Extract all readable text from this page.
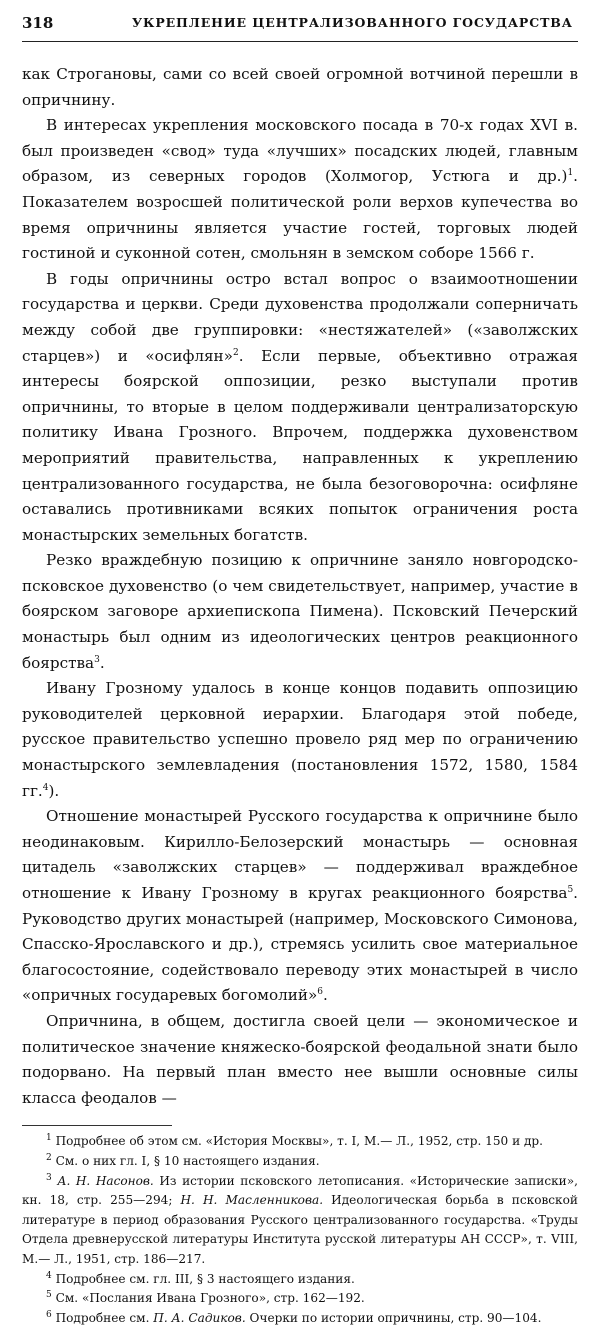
318	УКРЕПЛЕНИЕ ЦЕНТРАЛИЗОВАННОГО ГОСУДАРСТВА

как Строгановы, сами со всей своей огромной вотчиной перешли в опричнину.

В интересах укрепления московского посада в 70-х годах XVI в. был произведен «свод» туда «лучших» посадских людей, главным образом, из северных городов (Холмогор, Устюга и др.)$^1$. Показателем возросшей политической роли верхов купечества во время опричнины является участие гостей, торговых людей гостиной и суконной сотен, смольнян в земском соборе 1566 г.

В годы опричнины остро встал вопрос о взаимоотношении государства и церкви. Среди духовенства продолжали соперничать между собой две группировки: «нестяжателей» («заволжских старцев») и «осифлян»$^2$. Если первые, объективно отражая интересы боярской оппозиции, резко выступали против опричнины, то вторые в целом поддерживали централизаторскую политику Ивана Грозного. Впрочем, поддержка духовенством мероприятий правительства, направленных к укреплению централизованного государства, не была безоговорочна: осифляне оставались противниками всяких попыток ограничения роста монастырских земельных богатств.

Резко враждебную позицию к опричнине заняло новгородско-псковское духовенство (о чем свидетельствует, например, участие в боярском заговоре архиепископа Пимена). Псковский Печерский монастырь был одним из идеологических центров реакционного боярства$^3$.

Ивану Грозному удалось в конце концов подавить оппозицию руководителей церковной иерархии. Благодаря этой победе, русское правительство успешно провело ряд мер по ограничению монастырского землевладения (постановления 1572, 1580, 1584 гг.$^4$).

Отношение монастырей Русского государства к опричнине было неодинаковым. Кирилло-Белозерский монастырь — основная цитадель «заволжских старцев» — поддерживал враждебное отношение к Ивану Грозному в кругах реакционного боярства$^5$. Руководство других монастырей (например, Московского Симонова, Спасско-Ярославского и др.), стремясь усилить свое материальное благосостояние, содействовало переводу этих монастырей в число «опричных государевых богомолий»$^6$.

Опричнина, в общем, достигла своей цели — экономическое и политическое значение княжеско-боярской феодальной знати было подорвано. На первый план вместо нее вышли основные силы класса феодалов —

$^1$ Подробнее об этом см. «История Москвы», т. I, М.— Л., 1952, стр. 150 и др.

$^2$ См. о них гл. I, § 10 настоящего издания.

$^3$ А. Н. Насонов. Из истории псковского летописания. «Исторические записки», кн. 18, стр. 255—294; Н. Н. Масленникова. Идеологическая борьба в псковской литературе в период образования Русского централизованного государства. «Труды Отдела древнерусской литературы Института русской литературы АН СССР», т. VIII, М.— Л., 1951, стр. 186—217.

$^4$ Подробнее см. гл. III, § 3 настоящего издания.

$^5$ См. «Послания Ивана Грозного», стр. 162—192.

$^6$ Подробнее см. П. А. Садиков. Очерки по истории опричнины, стр. 90—104.
